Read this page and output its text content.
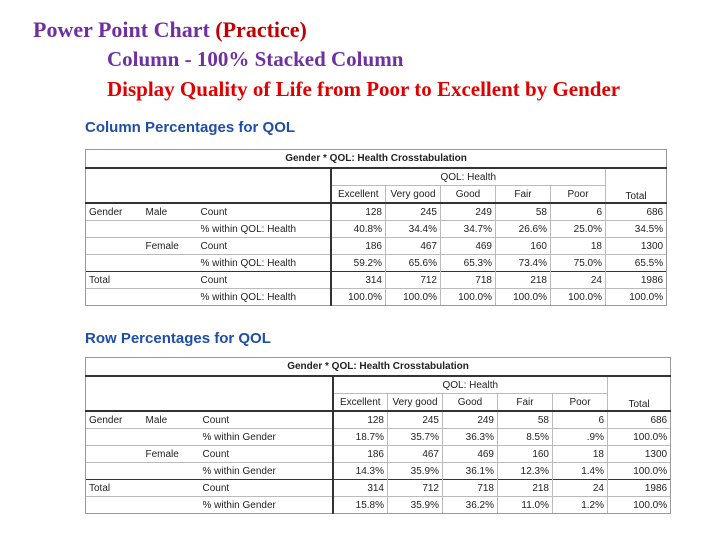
Power Point Chart (Practice)
Column - 100% Stacked Column
Display Quality of Life from Poor to Excellent by Gender
Column Percentages for QOL
Gender * QOL: Health Crosstabulation								
			QOL: Health					Total
			Excellent	Very good	Good	Fair	Poor	
Gender	Male	Count	128	245	249	58	6	686
		% within QOL: Health	40.8%	34.4%	34.7%	26.6%	25.0%	34.5%
	Female	Count	186	467	469	160	18	1300
		% within QOL: Health	59.2%	65.6%	65.3%	73.4%	75.0%	65.5%
Total		Count	314	712	718	218	24	1986
		% within QOL: Health	100.0%	100.0%	100.0%	100.0%	100.0%	100.0%
Row Percentages for QOL
Gender * QOL: Health Crosstabulation								
			QOL: Health					Total
			Excellent	Very good	Good	Fair	Poor	
Gender	Male	Count	128	245	249	58	6	686
		% within Gender	18.7%	35.7%	36.3%	8.5%	.9%	100.0%
	Female	Count	186	467	469	160	18	1300
		% within Gender	14.3%	35.9%	36.1%	12.3%	1.4%	100.0%
Total		Count	314	712	718	218	24	1986
		% within Gender	15.8%	35.9%	36.2%	11.0%	1.2%	100.0%
